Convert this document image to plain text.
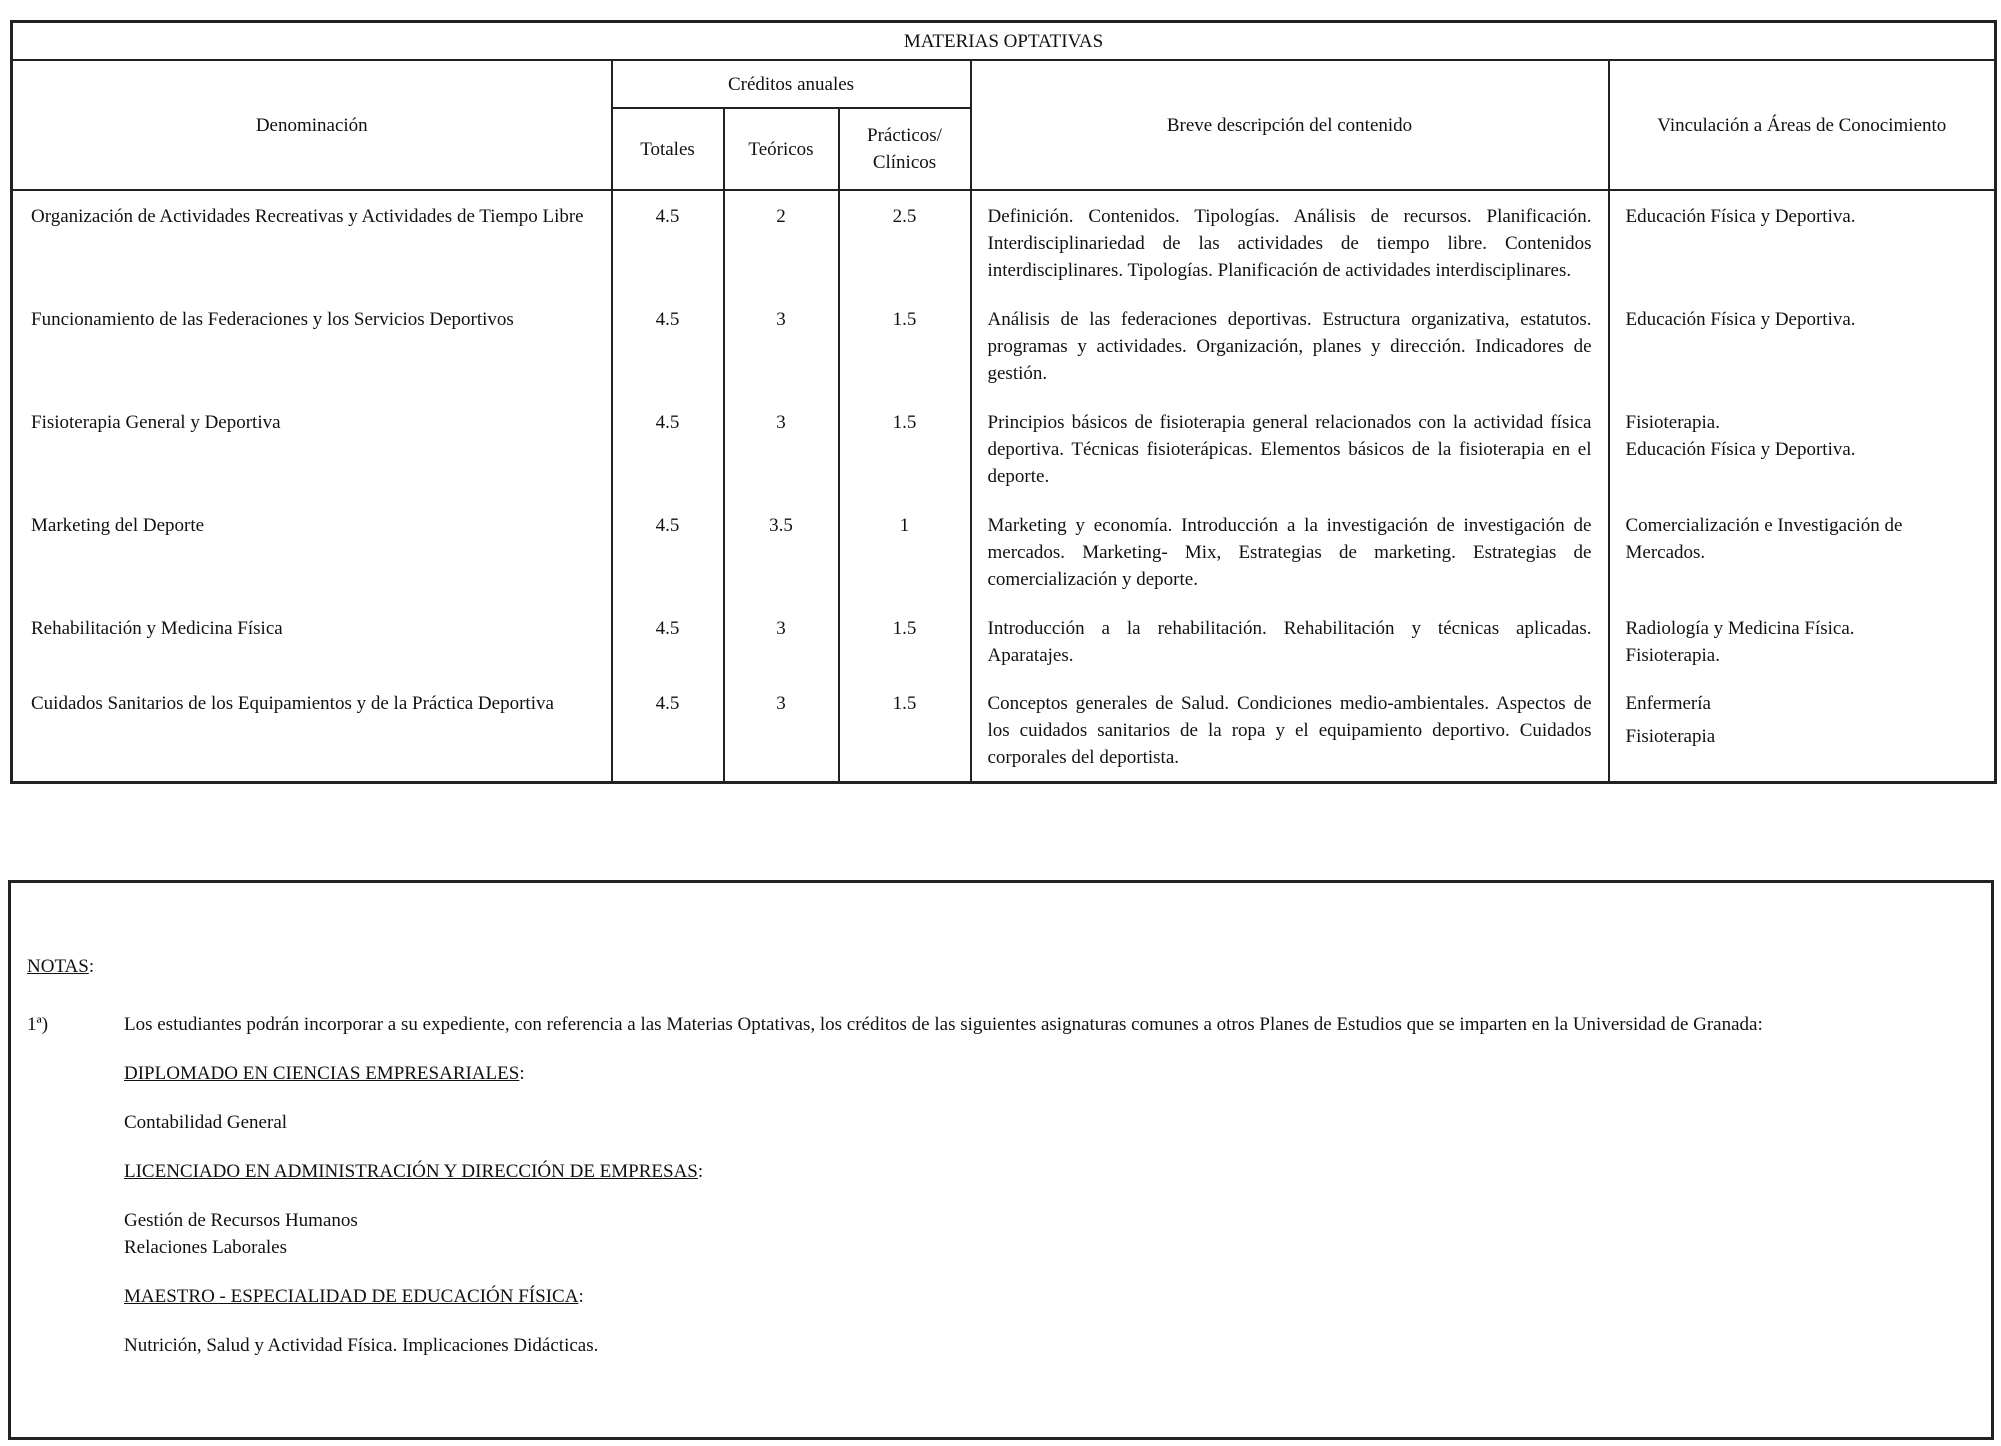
MATERIAS OPTATIVAS					
Denominación	Créditos anuales			Breve descripción del contenido	Vinculación a Áreas de Conocimiento
	Totales	Teóricos	Prácticos/
Clínicos		

Organización de Actividades Recreativas y Actividades de Tiempo Libre	4.5	2	2.5	Definición. Contenidos. Tipologías. Análisis de recursos. Planificación. Interdisciplinariedad de las actividades de tiempo libre. Contenidos interdisciplinares. Tipologías. Planificación de actividades interdisciplinares.	Educación Física y Deportiva.

Funcionamiento de las Federaciones y los Servicios Deportivos	4.5	3	1.5	Análisis de las federaciones deportivas. Estructura organizativa, estatutos. programas y actividades. Organización, planes y dirección. Indicadores de gestión.	Educación Física y Deportiva.

Fisioterapia General y Deportiva	4.5	3	1.5	Principios básicos de fisioterapia general relacionados con la actividad física deportiva. Técnicas fisioterápicas. Elementos básicos de la fisioterapia en el deporte.	Fisioterapia.
Educación Física y Deportiva.

Marketing del Deporte	4.5	3.5	1	Marketing y economía. Introducción a la investigación de investigación de mercados. Marketing- Mix, Estrategias de marketing. Estrategias de comercialización y deporte.	Comercialización e Investigación de Mercados.

Rehabilitación y Medicina Física	4.5	3	1.5	Introducción a la rehabilitación. Rehabilitación y técnicas aplicadas. Aparatajes.	Radiología y Medicina Física.
Fisioterapia.

Cuidados Sanitarios de los Equipamientos y de la Práctica Deportiva	4.5	3	1.5	Conceptos generales de Salud. Condiciones medio-ambientales. Aspectos de los cuidados sanitarios de la ropa y el equipamiento deportivo. Cuidados corporales del deportista.	Enfermería
Fisioterapia
NOTAS:
1ª)	Los estudiantes podrán incorporar a su expediente, con referencia a las Materias Optativas, los créditos de las siguientes asignaturas comunes a otros Planes de Estudios que se imparten en la Universidad de Granada:

DIPLOMADO EN CIENCIAS EMPRESARIALES:

Contabilidad General

LICENCIADO EN ADMINISTRACIÓN Y DIRECCIÓN DE EMPRESAS:

Gestión de Recursos Humanos

Relaciones Laborales

MAESTRO - ESPECIALIDAD DE EDUCACIÓN FÍSICA:

Nutrición, Salud y Actividad Física. Implicaciones Didácticas.
